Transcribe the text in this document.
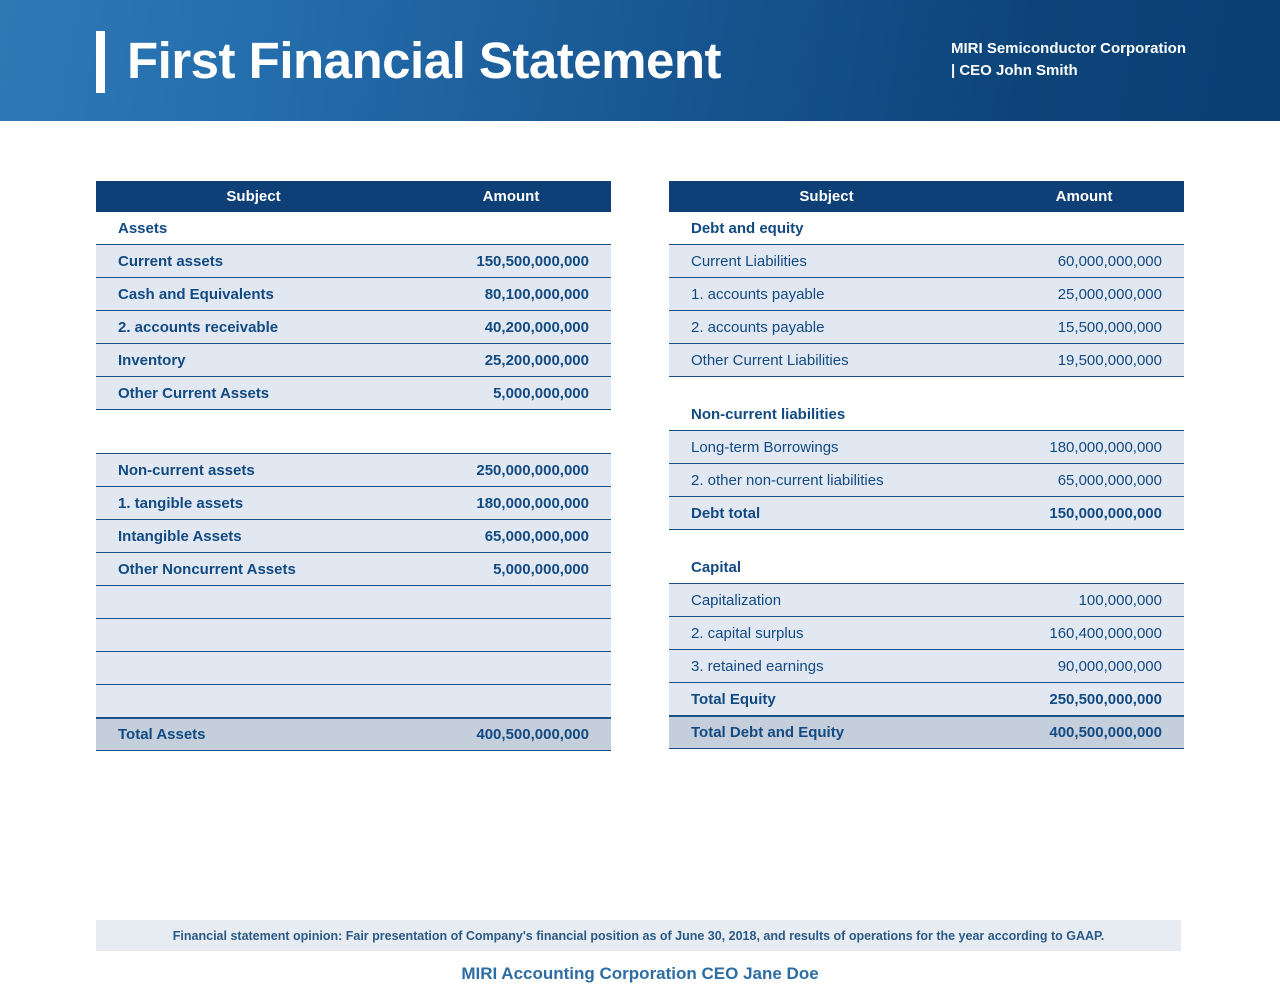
First Financial Statement	MIRI Semiconductor Corporation
| CEO John Smith
Subject	Amount
Assets
Current assets	150,500,000,000
Cash and Equivalents	80,100,000,000
2. accounts receivable	40,200,000,000
Inventory	25,200,000,000
Other Current Assets	5,000,000,000
Non-current assets	250,000,000,000
1. tangible assets	180,000,000,000
Intangible Assets	65,000,000,000
Other Noncurrent Assets	5,000,000,000
Total Assets	400,500,000,000
Subject	Amount
Debt and equity
Current Liabilities	60,000,000,000
1. accounts payable	25,000,000,000
2. accounts payable	15,500,000,000
Other Current Liabilities	19,500,000,000
Non-current liabilities
Long-term Borrowings	180,000,000,000
2. other non-current liabilities	65,000,000,000
Debt total	150,000,000,000
Capital
Capitalization	100,000,000
2. capital surplus	160,400,000,000
3. retained earnings	90,000,000,000
Total Equity	250,500,000,000
Total Debt and Equity	400,500,000,000
Financial statement opinion: Fair presentation of Company's financial position as of June 30, 2018, and results of operations for the year according to GAAP.
MIRI Accounting Corporation CEO Jane Doe
